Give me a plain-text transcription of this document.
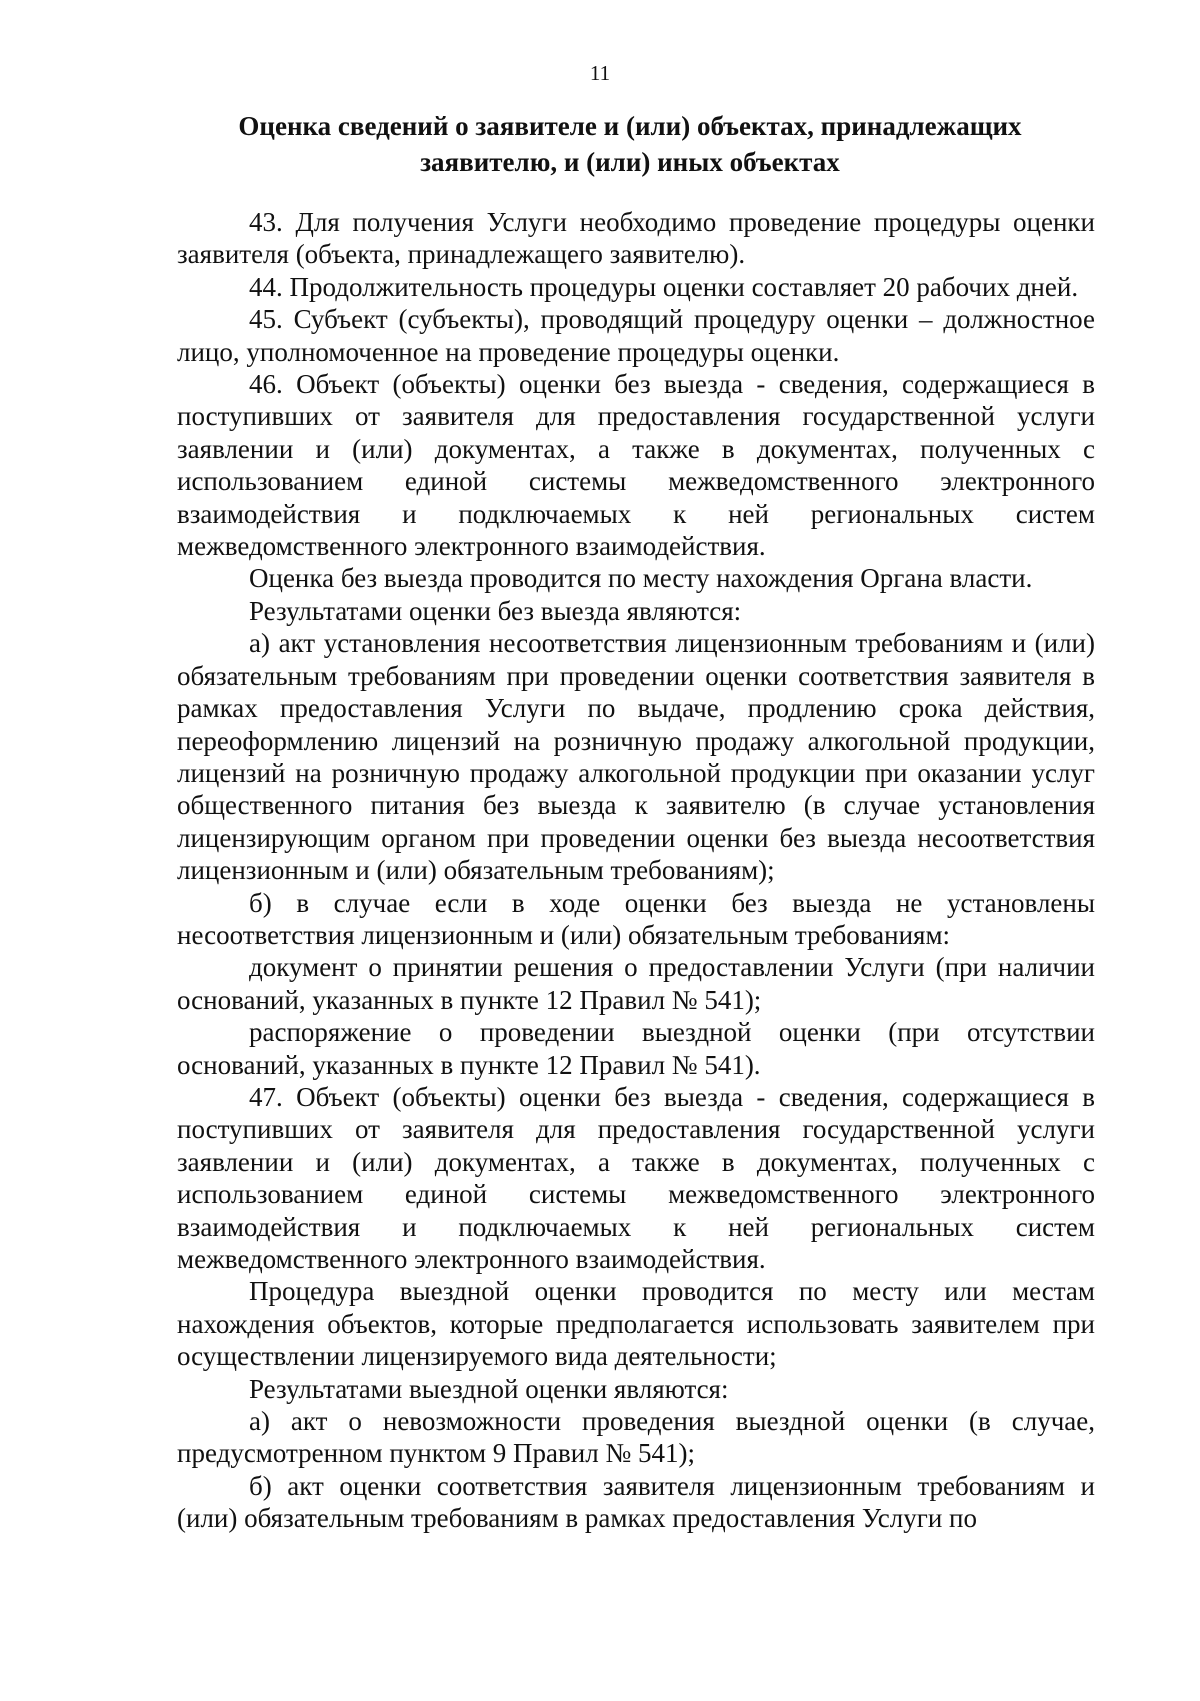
11
Оценка сведений о заявителе и (или) объектах, принадлежащих заявителю, и (или) иных объектах

43. Для получения Услуги необходимо проведение процедуры оценки заявителя (объекта, принадлежащего заявителю).

44. Продолжительность процедуры оценки составляет 20 рабочих дней.

45. Субъект (субъекты), проводящий процедуру оценки – должностное лицо, уполномоченное на проведение процедуры оценки.

46. Объект (объекты) оценки без выезда - сведения, содержащиеся в поступивших от заявителя для предоставления государственной услуги заявлении и (или) документах, а также в документах, полученных с использованием единой системы межведомственного электронного взаимодействия и подключаемых к ней региональных систем межведомственного электронного взаимодействия.

Оценка без выезда проводится по месту нахождения Органа власти.

Результатами оценки без выезда являются:

а) акт установления несоответствия лицензионным требованиям и (или) обязательным требованиям при проведении оценки соответствия заявителя в рамках предоставления Услуги по выдаче, продлению срока действия, переоформлению лицензий на розничную продажу алкогольной продукции, лицензий на розничную продажу алкогольной продукции при оказании услуг общественного питания без выезда к заявителю (в случае установления лицензирующим органом при проведении оценки без выезда несоответствия лицензионным и (или) обязательным требованиям);

б) в случае если в ходе оценки без выезда не установлены несоответствия лицензионным и (или) обязательным требованиям:

документ о принятии решения о предоставлении Услуги (при наличии оснований, указанных в пункте 12 Правил № 541);

распоряжение о проведении выездной оценки (при отсутствии оснований, указанных в пункте 12 Правил № 541).

47. Объект (объекты) оценки без выезда - сведения, содержащиеся в поступивших от заявителя для предоставления государственной услуги заявлении и (или) документах, а также в документах, полученных с использованием единой системы межведомственного электронного взаимодействия и подключаемых к ней региональных систем межведомственного электронного взаимодействия.

Процедура выездной оценки проводится по месту или местам нахождения объектов, которые предполагается использовать заявителем при осуществлении лицензируемого вида деятельности;

Результатами выездной оценки являются:

а) акт о невозможности проведения выездной оценки (в случае, предусмотренном пунктом 9 Правил № 541);

б) акт оценки соответствия заявителя лицензионным требованиям и (или) обязательным требованиям в рамках предоставления Услуги по
